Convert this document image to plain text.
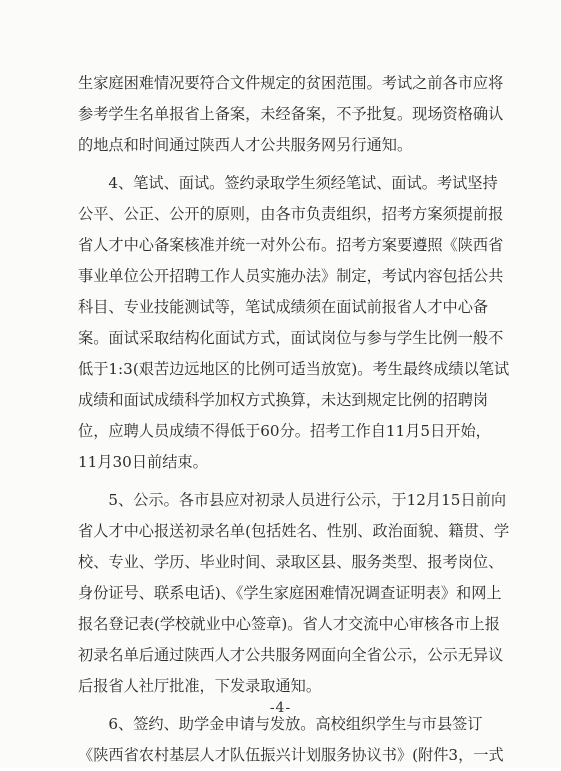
生家庭困难情况要符合文件规定的贫困范围。考试之前各市应将
参考学生名单报省上备案，未经备案，不予批复。现场资格确认
的地点和时间通过陕西人才公共服务网另行通知。
　　4、笔试、面试。签约录取学生须经笔试、面试。考试坚持
公平、公正、公开的原则，由各市负责组织，招考方案须提前报
省人才中心备案核准并统一对外公布。招考方案要遵照《陕西省
事业单位公开招聘工作人员实施办法》制定，考试内容包括公共
科目、专业技能测试等，笔试成绩须在面试前报省人才中心备
案。面试采取结构化面试方式，面试岗位与参与学生比例一般不
低于1:3(艰苦边远地区的比例可适当放宽)。考生最终成绩以笔试
成绩和面试成绩科学加权方式换算，未达到规定比例的招聘岗
位，应聘人员成绩不得低于60分。招考工作自11月5日开始，
11月30日前结束。
　　5、公示。各市县应对初录人员进行公示，于12月15日前向
省人才中心报送初录名单(包括姓名、性别、政治面貌、籍贯、学
校、专业、学历、毕业时间、录取区县、服务类型、报考岗位、
身份证号、联系电话)、《学生家庭困难情况调查证明表》和网上
报名登记表(学校就业中心签章)。省人才交流中心审核各市上报
初录名单后通过陕西人才公共服务网面向全省公示，公示无异议
后报省人社厅批准，下发录取通知。
　　6、签约、助学金申请与发放。高校组织学生与市县签订
《陕西省农村基层人才队伍振兴计划服务协议书》(附件3，一式
-4-
